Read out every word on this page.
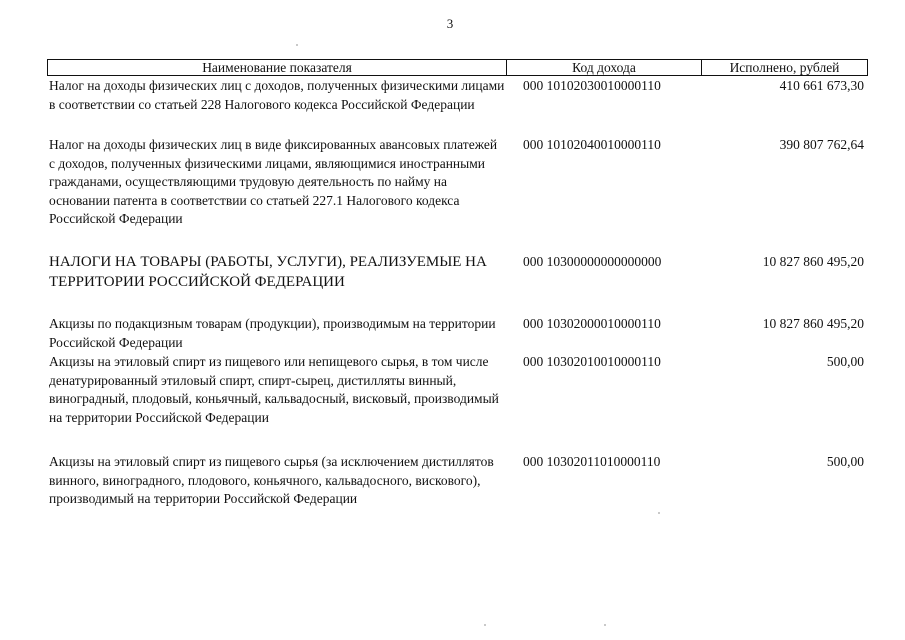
3
Наименование показателя	Код дохода	Исполнено, рублей
Налог на доходы физических лиц с доходов, полученных физическими лицами в соответствии со статьей 228 Налогового кодекса Российской Федерации
000 10102030010000110	410 661 673,30
Налог на доходы физических лиц в виде фиксированных авансовых платежей с доходов, полученных физическими лицами, являющимися иностранными гражданами, осуществляющими трудовую деятельность по найму на основании патента в соответствии со статьей 227.1 Налогового кодекса Российской Федерации
000 10102040010000110	390 807 762,64
НАЛОГИ НА ТОВАРЫ (РАБОТЫ, УСЛУГИ), РЕАЛИЗУЕМЫЕ НА ТЕРРИТОРИИ РОССИЙСКОЙ ФЕДЕРАЦИИ
000 10300000000000000	10 827 860 495,20
Акцизы по подакцизным товарам (продукции), производимым на территории Российской Федерации
000 10302000010000110	10 827 860 495,20
Акцизы на этиловый спирт из пищевого или непищевого сырья, в том числе денатурированный этиловый спирт, спирт-сырец, дистилляты винный, виноградный, плодовый, коньячный, кальвадосный, висковый, производимый на территории Российской Федерации
000 10302010010000110	500,00
Акцизы на этиловый спирт из пищевого сырья (за исключением дистиллятов винного, виноградного, плодового, коньячного, кальвадосного, вискового), производимый на территории Российской Федерации
000 10302011010000110	500,00
